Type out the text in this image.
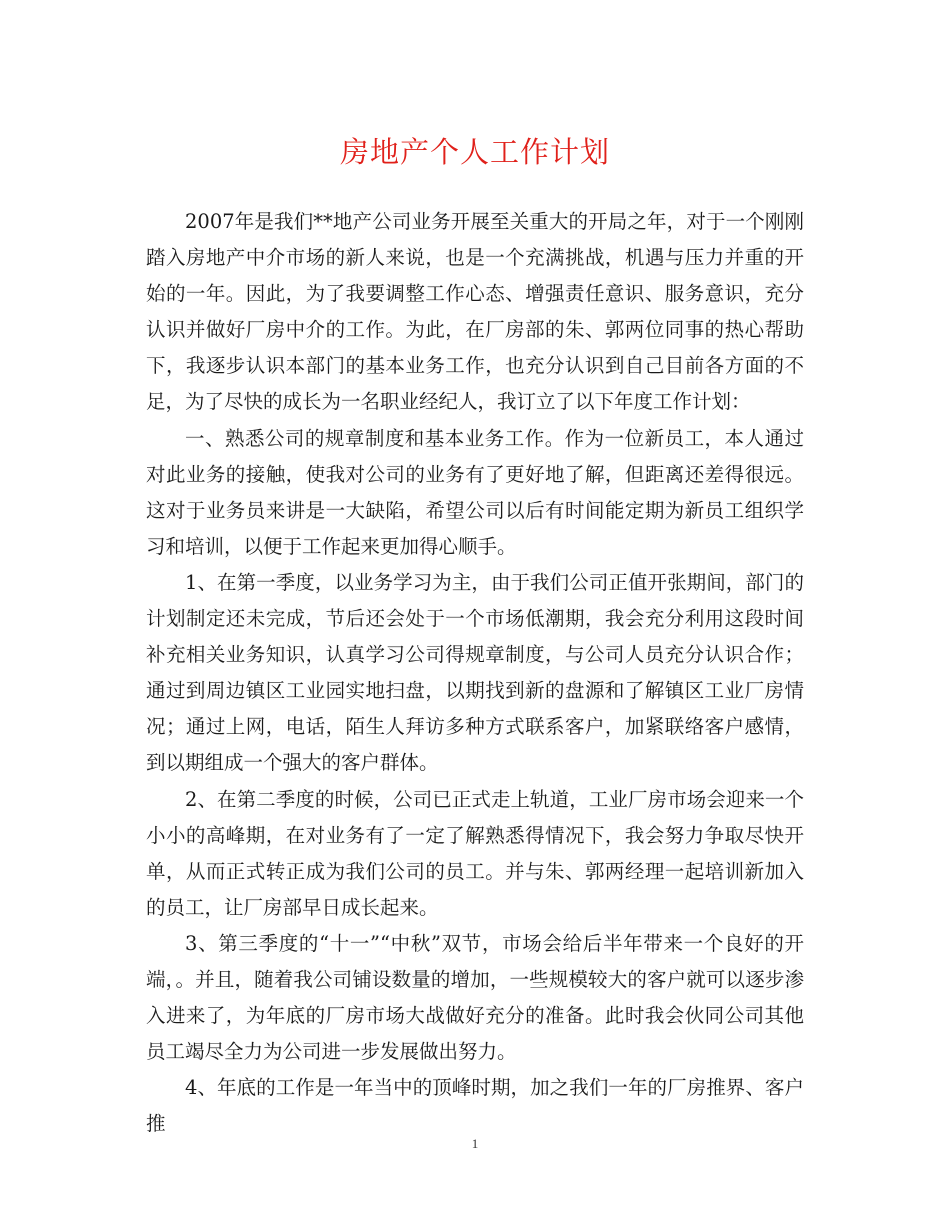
房地产个人工作计划

2007年是我们**地产公司业务开展至关重大的开局之年，对于一个刚刚踏入房地产中介市场的新人来说，也是一个充满挑战，机遇与压力并重的开始的一年。因此，为了我要调整工作心态、增强责任意识、服务意识，充分认识并做好厂房中介的工作。为此，在厂房部的朱、郭两位同事的热心帮助下，我逐步认识本部门的基本业务工作，也充分认识到自己目前各方面的不足，为了尽快的成长为一名职业经纪人，我订立了以下年度工作计划：

一、熟悉公司的规章制度和基本业务工作。作为一位新员工，本人通过对此业务的接触，使我对公司的业务有了更好地了解，但距离还差得很远。这对于业务员来讲是一大缺陷，希望公司以后有时间能定期为新员工组织学习和培训，以便于工作起来更加得心顺手。

1、在第一季度，以业务学习为主，由于我们公司正值开张期间，部门的计划制定还未完成，节后还会处于一个市场低潮期，我会充分利用这段时间补充相关业务知识，认真学习公司得规章制度，与公司人员充分认识合作；通过到周边镇区工业园实地扫盘，以期找到新的盘源和了解镇区工业厂房情况；通过上网，电话，陌生人拜访多种方式联系客户，加紧联络客户感情，到以期组成一个强大的客户群体。

2、在第二季度的时候，公司已正式走上轨道，工业厂房市场会迎来一个小小的高峰期，在对业务有了一定了解熟悉得情况下，我会努力争取尽快开单，从而正式转正成为我们公司的员工。并与朱、郭两经理一起培训新加入的员工，让厂房部早日成长起来。

3、第三季度的“十一”“中秋”双节，市场会给后半年带来一个良好的开端，。并且，随着我公司铺设数量的增加，一些规模较大的客户就可以逐步渗入进来了，为年底的厂房市场大战做好充分的准备。此时我会伙同公司其他员工竭尽全力为公司进一步发展做出努力。

4、年底的工作是一年当中的顶峰时期，加之我们一年的厂房推界、客户推

1
